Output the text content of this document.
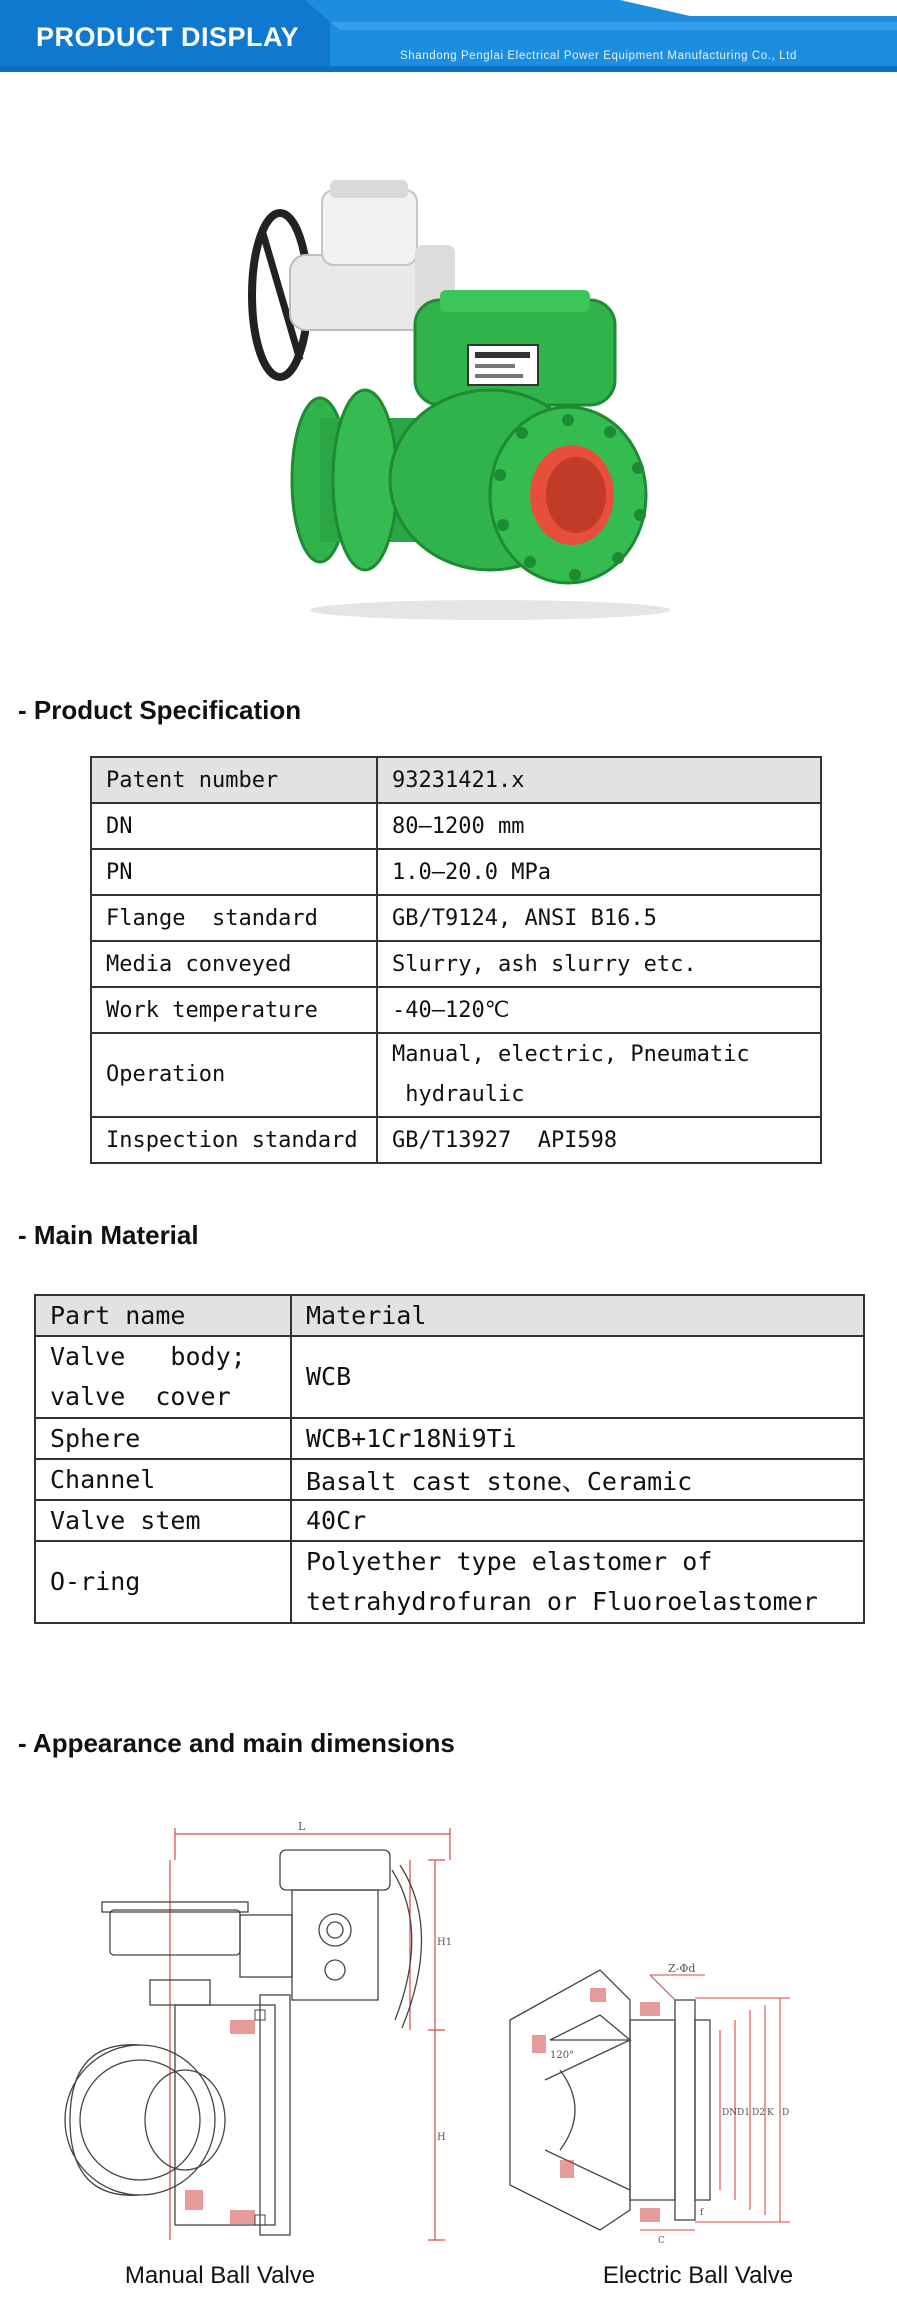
PRODUCT DISPLAY
Shandong Penglai Electrical Power Equipment Manufacturing Co., Ltd
- Product Specification
Patent number	93231421.x
DN	80—1200 mm
PN	1.0—20.0 MPa
Flange  standard	GB/T9124, ANSI B16.5
Media conveyed	Slurry, ash slurry etc.
Work temperature	-40—120℃
Operation	Manual, electric, Pneumatic
hydraulic

Inspection standard	GB/T13927  API598
- Main Material
Part name	Material

Valve   body;
valve  cover	WCB
Sphere	WCB+1Cr18Ni9Ti
Channel	Basalt cast stone、Ceramic
Valve stem	40Cr
O-ring	Polyether type elastomer of
tetrahydrofuran or Fluoroelastomer
- Appearance and main dimensions
L
H1
H
Manual Ball Valve
Z-Φd
120°
DN D1 D2 K D
f
C
Electric Ball Valve
